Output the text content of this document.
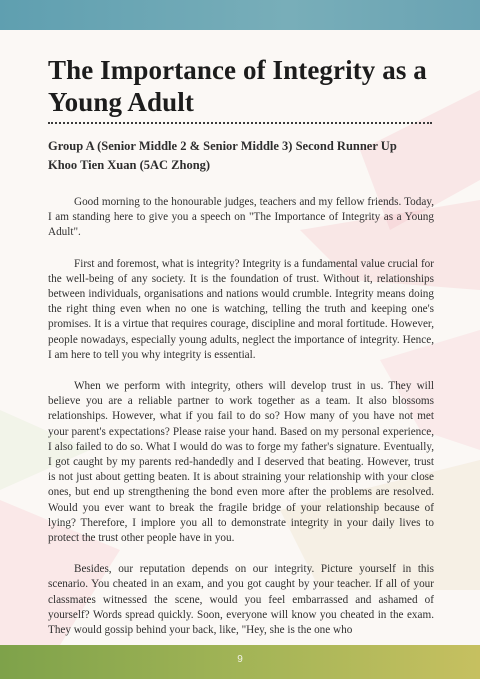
The Importance of Integrity as a Young Adult
Group A (Senior Middle 2 & Senior Middle 3) Second Runner Up
Khoo Tien Xuan (5AC Zhong)

Good morning to the honourable judges, teachers and my fellow friends. Today, I am standing here to give you a speech on "The Importance of Integrity as a Young Adult".

First and foremost, what is integrity? Integrity is a fundamental value crucial for the well-being of any society. It is the foundation of trust. Without it, relationships between individuals, organisations and nations would crumble. Integrity means doing the right thing even when no one is watching, telling the truth and keeping one's promises. It is a virtue that requires courage, discipline and moral fortitude. However, people nowadays, especially young adults, neglect the importance of integrity. Hence, I am here to tell you why integrity is essential.

When we perform with integrity, others will develop trust in us. They will believe you are a reliable partner to work together as a team. It also blossoms relationships. However, what if you fail to do so? How many of you have not met your parent's expectations? Please raise your hand. Based on my personal experience, I also failed to do so. What I would do was to forge my father's signature. Eventually, I got caught by my parents red-handedly and I deserved that beating. However, trust is not just about getting beaten. It is about straining your relationship with your close ones, but end up strengthening the bond even more after the problems are resolved. Would you ever want to break the fragile bridge of your relationship because of lying? Therefore, I implore you all to demonstrate integrity in your daily lives to protect the trust other people have in you.

Besides, our reputation depends on our integrity. Picture yourself in this scenario. You cheated in an exam, and you got caught by your teacher. If all of your classmates witnessed the scene, would you feel embarrassed and ashamed of yourself? Words spread quickly. Soon, everyone will know you cheated in the exam. They would gossip behind your back, like, "Hey, she is the one who

9
